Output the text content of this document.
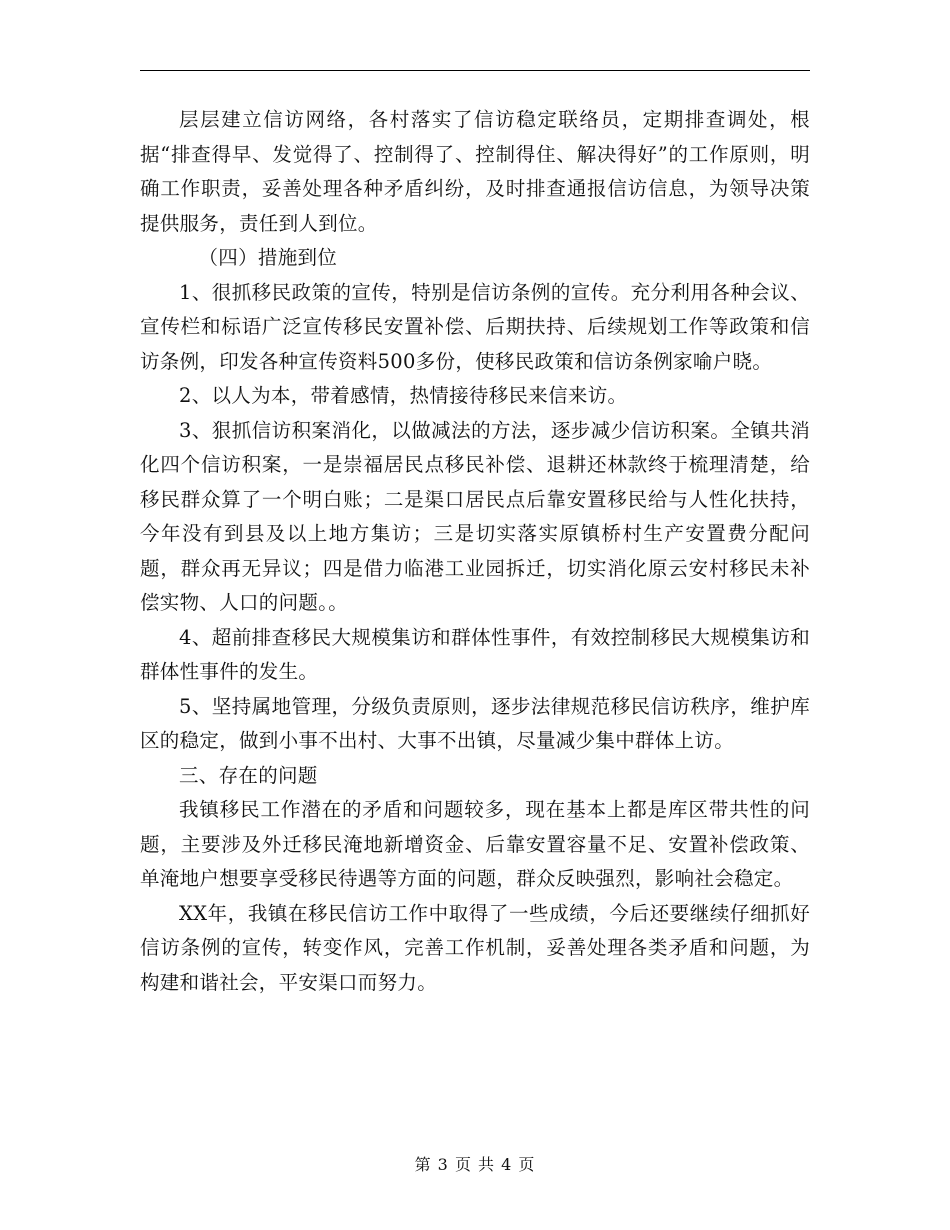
层层建立信访网络，各村落实了信访稳定联络员，定期排查调处，根据“排查得早、发觉得了、控制得了、控制得住、解决得好”的工作原则，明确工作职责，妥善处理各种矛盾纠纷，及时排查通报信访信息，为领导决策提供服务，责任到人到位。

（四）措施到位

1、很抓移民政策的宣传，特别是信访条例的宣传。充分利用各种会议、宣传栏和标语广泛宣传移民安置补偿、后期扶持、后续规划工作等政策和信访条例，印发各种宣传资料500多份，使移民政策和信访条例家喻户晓。

2、以人为本，带着感情，热情接待移民来信来访。

3、狠抓信访积案消化，以做减法的方法，逐步减少信访积案。全镇共消化四个信访积案，一是崇福居民点移民补偿、退耕还林款终于梳理清楚，给移民群众算了一个明白账；二是渠口居民点后靠安置移民给与人性化扶持，今年没有到县及以上地方集访；三是切实落实原镇桥村生产安置费分配问题，群众再无异议；四是借力临港工业园拆迁，切实消化原云安村移民未补偿实物、人口的问题。。

4、超前排查移民大规模集访和群体性事件，有效控制移民大规模集访和群体性事件的发生。

5、坚持属地管理，分级负责原则，逐步法律规范移民信访秩序，维护库区的稳定，做到小事不出村、大事不出镇，尽量减少集中群体上访。

三、存在的问题

我镇移民工作潜在的矛盾和问题较多，现在基本上都是库区带共性的问题，主要涉及外迁移民淹地新增资金、后靠安置容量不足、安置补偿政策、单淹地户想要享受移民待遇等方面的问题，群众反映强烈，影响社会稳定。

XX年，我镇在移民信访工作中取得了一些成绩，今后还要继续仔细抓好信访条例的宣传，转变作风，完善工作机制，妥善处理各类矛盾和问题，为构建和谐社会，平安渠口而努力。

第 3 页 共 4 页
